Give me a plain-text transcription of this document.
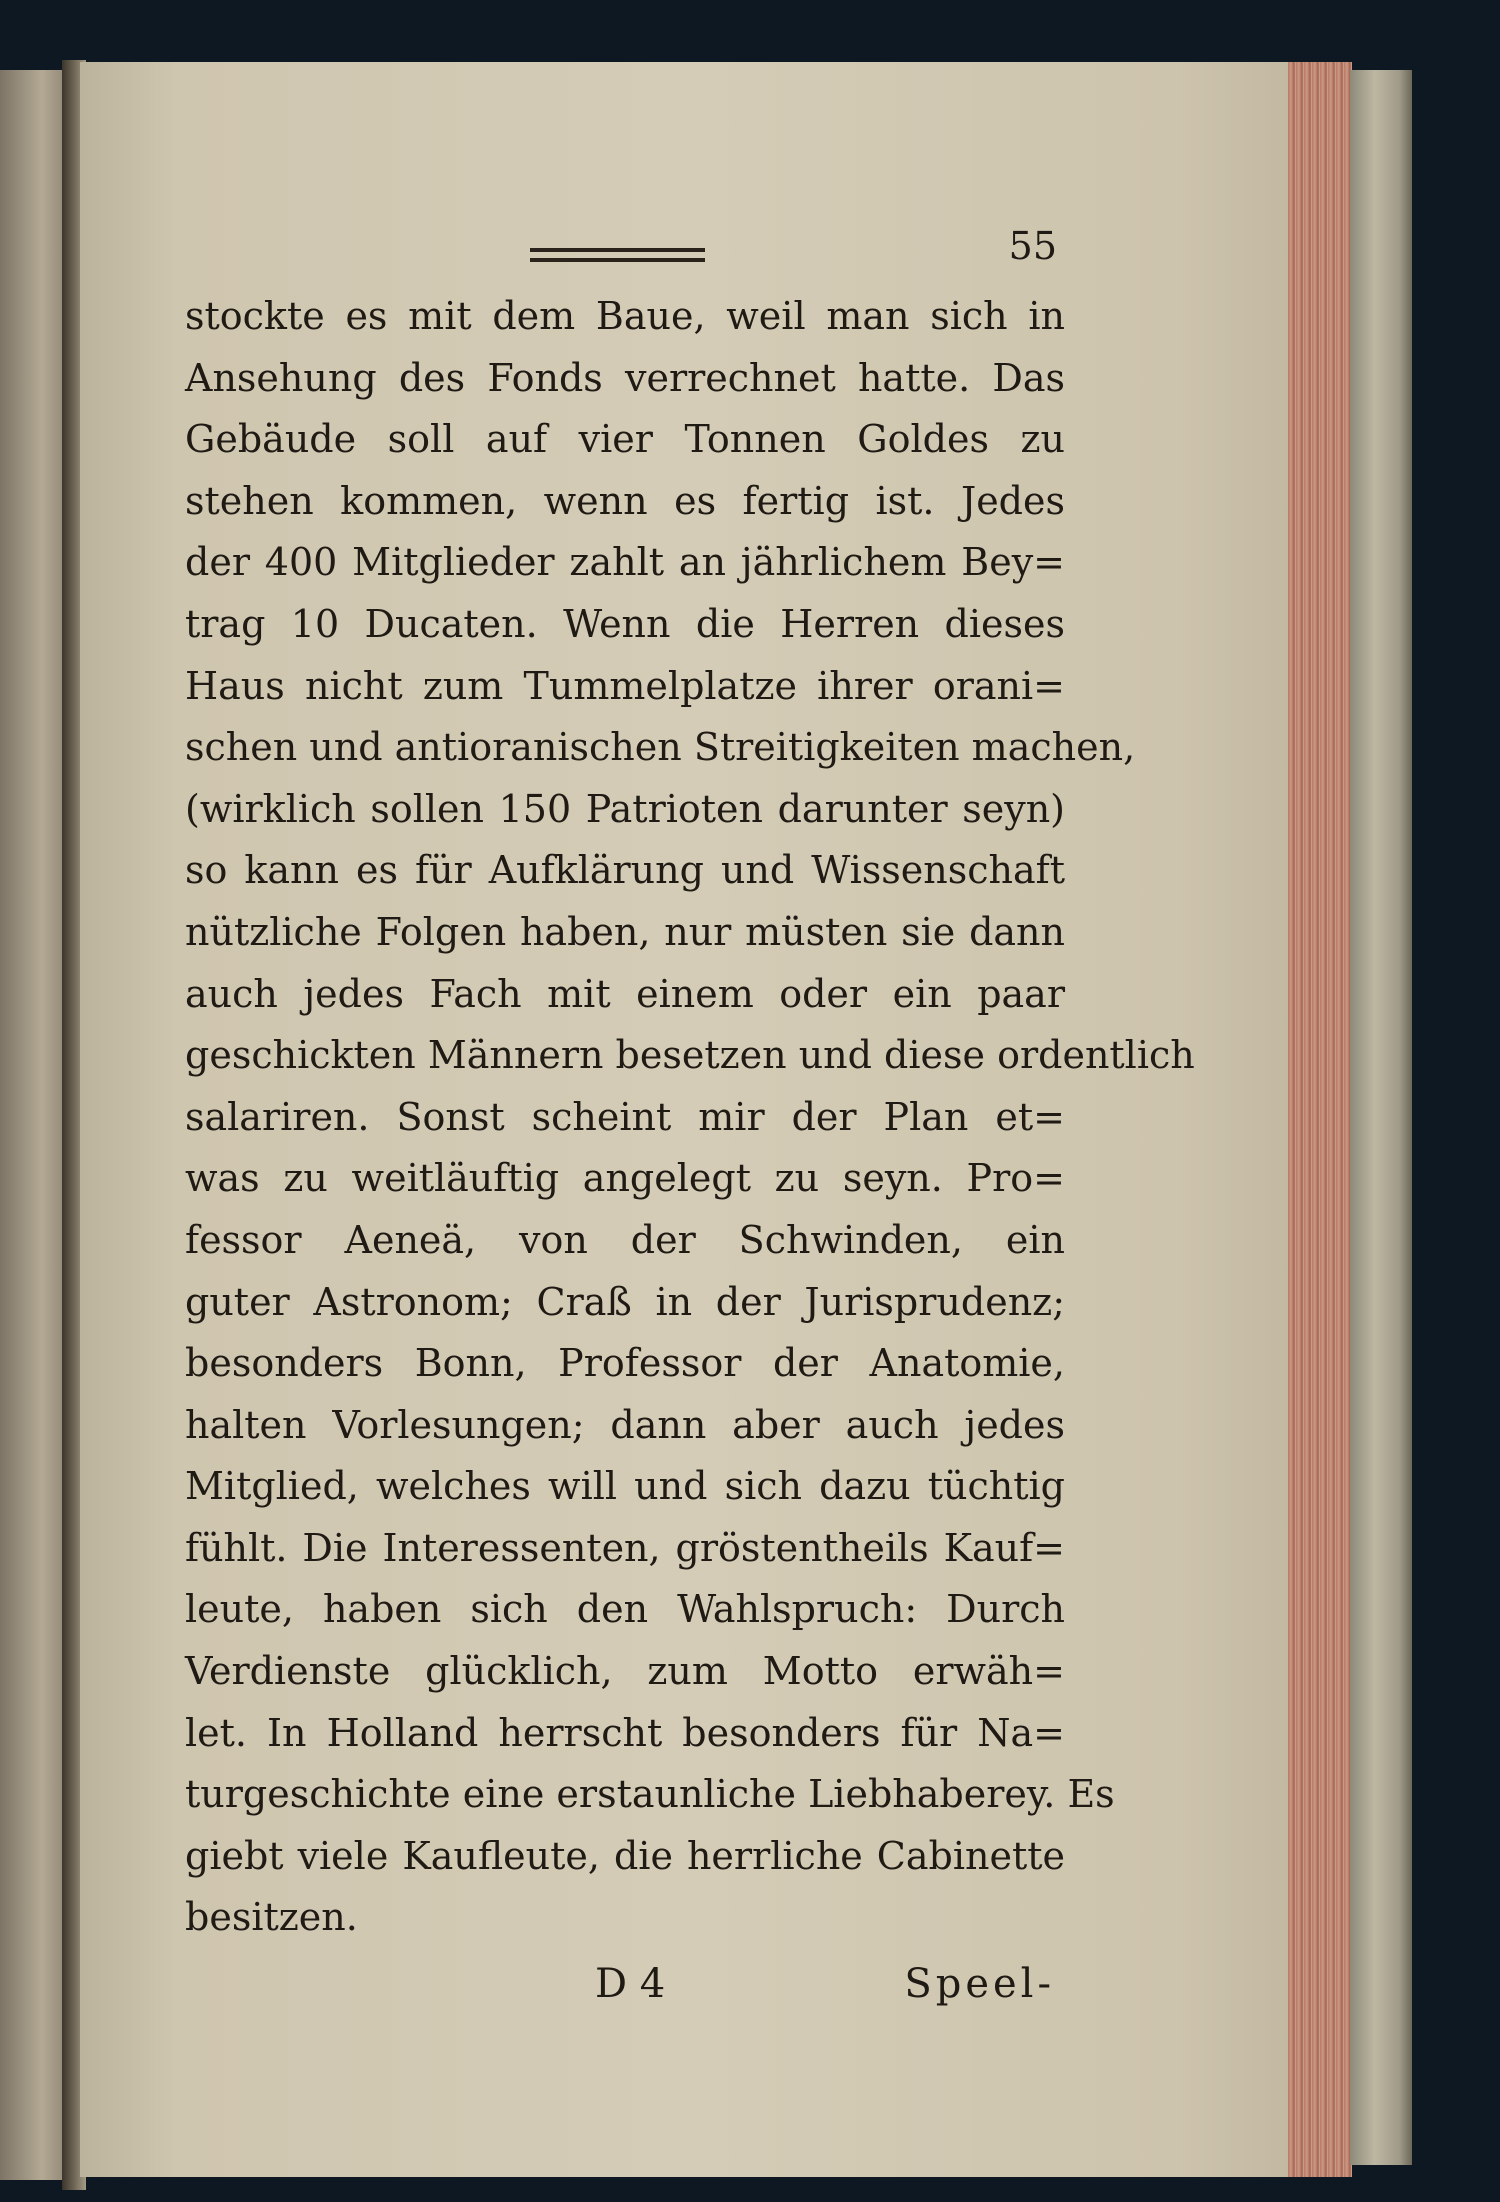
55
stockte es mit dem Baue, weil man sich in
Ansehung des Fonds verrechnet hatte. Das
Gebäude soll auf vier Tonnen Goldes zu
stehen kommen, wenn es fertig ist. Jedes
der 400 Mitglieder zahlt an jährlichem Bey=
trag 10 Ducaten. Wenn die Herren dieses
Haus nicht zum Tummelplatze ihrer orani=
schen und antioranischen Streitigkeiten machen,
(wirklich sollen 150 Patrioten darunter seyn)
so kann es für Aufklärung und Wissenschaft
nützliche Folgen haben, nur müsten sie dann
auch jedes Fach mit einem oder ein paar
geschickten Männern besetzen und diese ordentlich
salariren. Sonst scheint mir der Plan et=
was zu weitläuftig angelegt zu seyn. Pro=
fessor Aeneä, von der Schwinden, ein
guter Astronom; Craß in der Jurisprudenz;
besonders Bonn, Professor der Anatomie,
halten Vorlesungen; dann aber auch jedes
Mitglied, welches will und sich dazu tüchtig
fühlt. Die Interessenten, gröstentheils Kauf=
leute, haben sich den Wahlspruch: Durch
Verdienste glücklich, zum Motto erwäh=
let. In Holland herrscht besonders für Na=
turgeschichte eine erstaunliche Liebhaberey. Es
giebt viele Kaufleute, die herrliche Cabinette
besitzen.
D 4	Speel-
